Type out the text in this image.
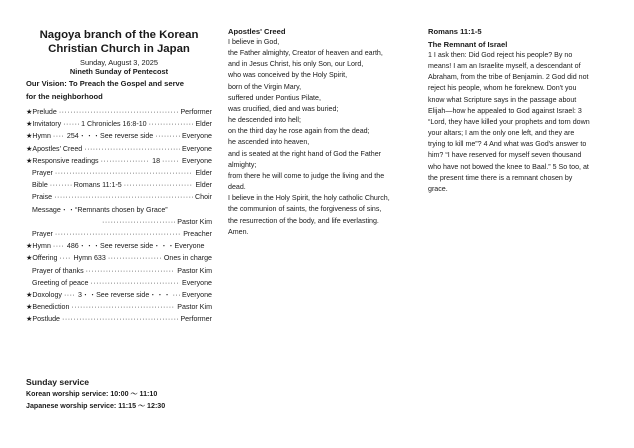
Nagoya branch of the Korean
Christian Church in Japan
Sunday, August 3, 2025
Nineth Sunday of Pentecost
Our Vision: To Preach the Gospel and serve
for the neighborhood
★Prelude ·····	Performer
★Invitatory ·····	1 Chronicles 16:8-10 ·····	Elder
★Hymn ····· 254・・・See reverse side ·····	Everyone
★Apostles' Creed ·····	Everyone
★Responsive readings ·····	18 ·····	Everyone
Prayer ·····	Elder
Bible ·····	Romans 11:1-5 ·····	Elder
Praise ·····	Choir
Message・・“Remnants chosen by Grace”
·····
Pastor Kim
Prayer ·····	Preacher
★Hymn ····· 486・・・See reverse side・・・ Everyone
★Offering ····· Hymn 633 ·····	Ones in charge
Prayer of thanks ·····	Pastor Kim
Greeting of peace ·····	Everyone
★Doxology ····· 3・・See reverse side・・・ ····· Everyone
★Benediction ·····	Pastor Kim
★Postlude ·····	Performer
Apostles' Creed
I believe in God,
the Father almighty, Creator of heaven and earth,
and in Jesus Christ, his only Son, our Lord,
who was conceived by the Holy Spirit,
born of the Virgin Mary,
suffered under Pontius Pilate,
was crucified, died and was buried;
he descended into hell;
on the third day he rose again from the dead;
he ascended into heaven,
and is seated at the right hand of God the Father
almighty;
from there he will come to judge the living and the
dead.
I believe in the Holy Spirit, the holy catholic Church,
the communion of saints, the forgiveness of sins,
the resurrection of the body, and life everlasting.
Amen.
Romans 11:1-5
The Remnant of Israel
1 I ask then: Did God reject his people? By no
means! I am an Israelite myself, a descendant of
Abraham, from the tribe of Benjamin. 2 God did not
reject his people, whom he foreknew. Don't you
know what Scripture says in the passage about
Elijah—how he appealed to God against Israel: 3
“Lord, they have killed your prophets and torn down
your altars; I am the only one left, and they are
trying to kill me”? 4 And what was God's answer to
him? “I have reserved for myself seven thousand
who have not bowed the knee to Baal.” 5 So too, at
the present time there is a remnant chosen by
grace.
Sunday service
Korean worship service: 10:00 ～ 11:10
Japanese worship service: 11:15 ～ 12:30
